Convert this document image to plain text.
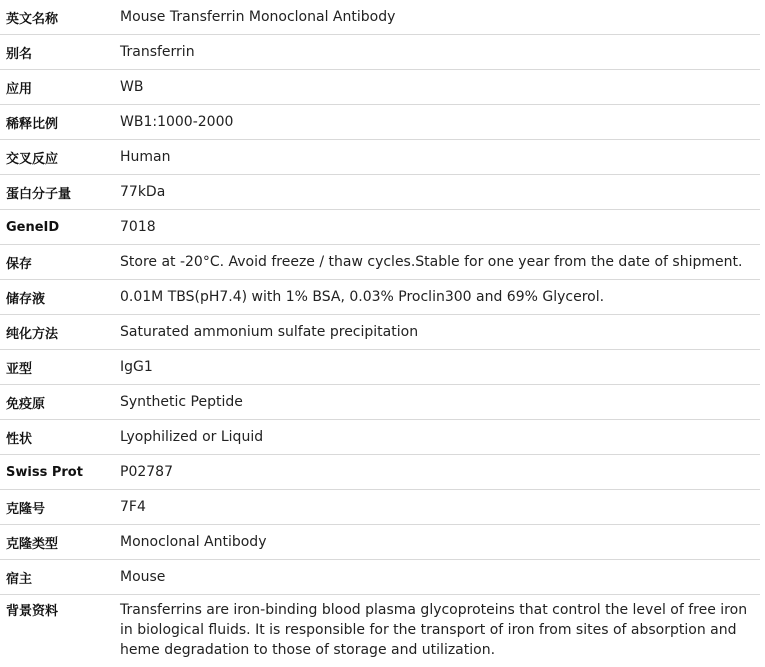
英文名称	Mouse Transferrin Monoclonal Antibody
别名	Transferrin
应用	WB
稀释比例	WB1:1000-2000
交叉反应	Human
蛋白分子量	77kDa
GeneID	7018
保存	Store at -20°C. Avoid freeze / thaw cycles.Stable for one year from the date of shipment.
储存液	0.01M TBS(pH7.4) with 1% BSA, 0.03% Proclin300 and 69% Glycerol.
纯化方法	Saturated ammonium sulfate precipitation
亚型	IgG1
免疫原	Synthetic Peptide
性状	Lyophilized or Liquid
Swiss Prot	P02787
克隆号	7F4
克隆类型	Monoclonal Antibody
宿主	Mouse
背景资料	Transferrins are iron-binding blood plasma glycoproteins that control the level of free iron in biological fluids. It is responsible for the transport of iron from sites of absorption and heme degradation to those of storage and utilization.
